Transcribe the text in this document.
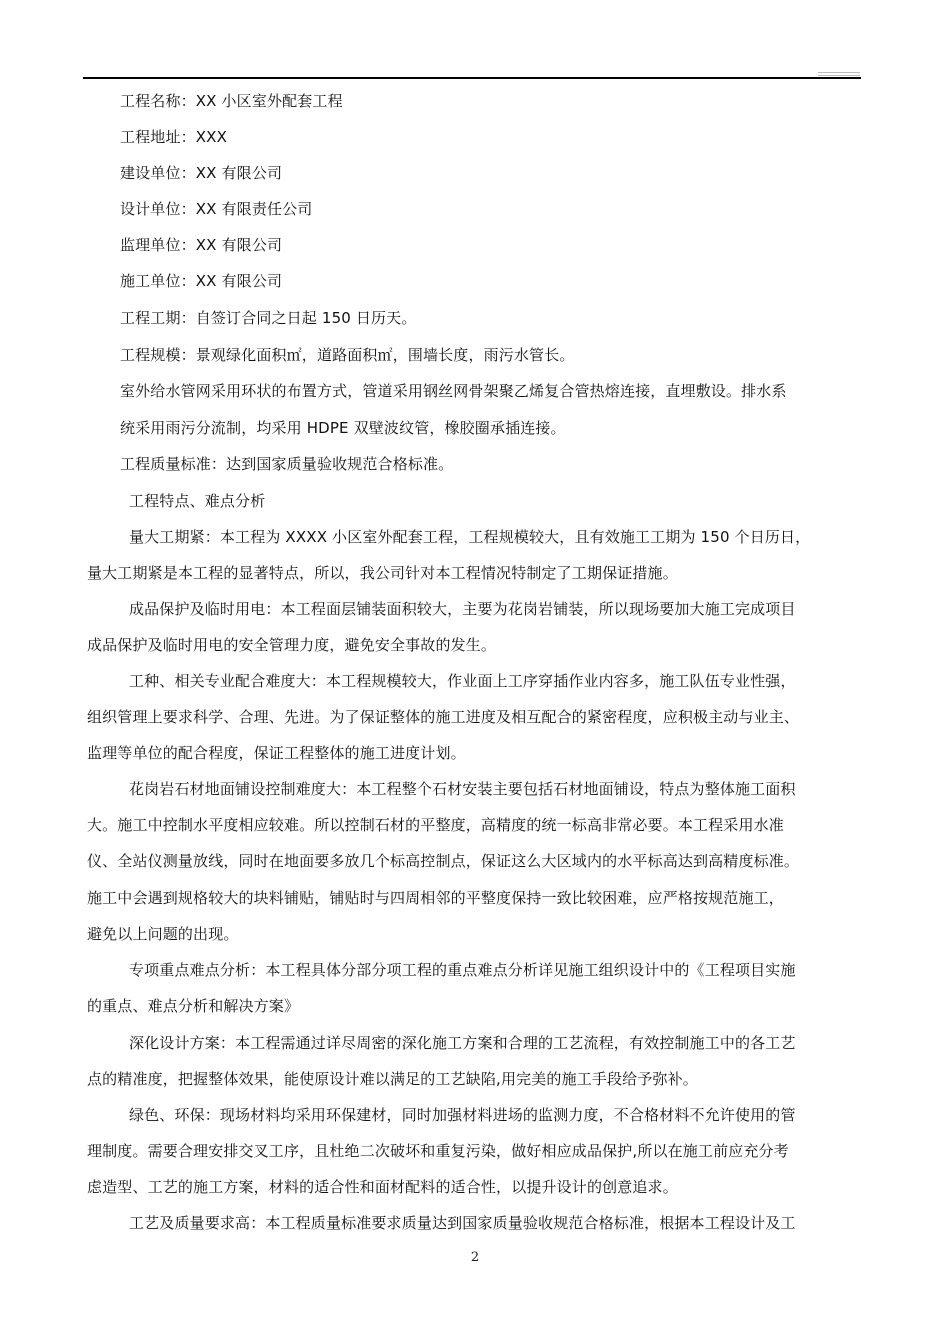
工程名称：XX 小区室外配套工程
工程地址：XXX
建设单位：XX 有限公司
设计单位：XX 有限责任公司
监理单位：XX 有限公司
施工单位：XX 有限公司
工程工期：自签订合同之日起 150 日历天。
工程规模：景观绿化面积㎡，道路面积㎡，围墙长度，雨污水管长。
室外给水管网采用环状的布置方式，管道采用钢丝网骨架聚乙烯复合管热熔连接，直埋敷设。排水系
统采用雨污分流制，均采用 HDPE 双壁波纹管，橡胶圈承插连接。
工程质量标准：达到国家质量验收规范合格标准。
工程特点、难点分析
量大工期紧：本工程为 XXXX 小区室外配套工程，工程规模较大，且有效施工工期为 150 个日历日，
量大工期紧是本工程的显著特点，所以，我公司针对本工程情况特制定了工期保证措施。
成品保护及临时用电：本工程面层铺装面积较大，主要为花岗岩铺装，所以现场要加大施工完成项目
成品保护及临时用电的安全管理力度，避免安全事故的发生。
工种、相关专业配合难度大：本工程规模较大，作业面上工序穿插作业内容多，施工队伍专业性强，
组织管理上要求科学、合理、先进。为了保证整体的施工进度及相互配合的紧密程度，应积极主动与业主、
监理等单位的配合程度，保证工程整体的施工进度计划。
花岗岩石材地面铺设控制难度大：本工程整个石材安装主要包括石材地面铺设，特点为整体施工面积
大。施工中控制水平度相应较难。所以控制石材的平整度，高精度的统一标高非常必要。本工程采用水准
仪、全站仪测量放线，同时在地面要多放几个标高控制点，保证这么大区域内的水平标高达到高精度标准。
施工中会遇到规格较大的块料铺贴，铺贴时与四周相邻的平整度保持一致比较困难，应严格按规范施工，
避免以上问题的出现。
专项重点难点分析：本工程具体分部分项工程的重点难点分析详见施工组织设计中的《工程项目实施
的重点、难点分析和解决方案》
深化设计方案：本工程需通过详尽周密的深化施工方案和合理的工艺流程，有效控制施工中的各工艺
点的精准度，把握整体效果，能使原设计难以满足的工艺缺陷,用完美的施工手段给予弥补。
绿色、环保：现场材料均采用环保建材，同时加强材料进场的监测力度，不合格材料不允许使用的管
理制度。需要合理安排交叉工序，且杜绝二次破坏和重复污染，做好相应成品保护,所以在施工前应充分考
虑造型、工艺的施工方案，材料的适合性和面材配料的适合性，以提升设计的创意追求。
工艺及质量要求高：本工程质量标准要求质量达到国家质量验收规范合格标准，根据本工程设计及工
2
